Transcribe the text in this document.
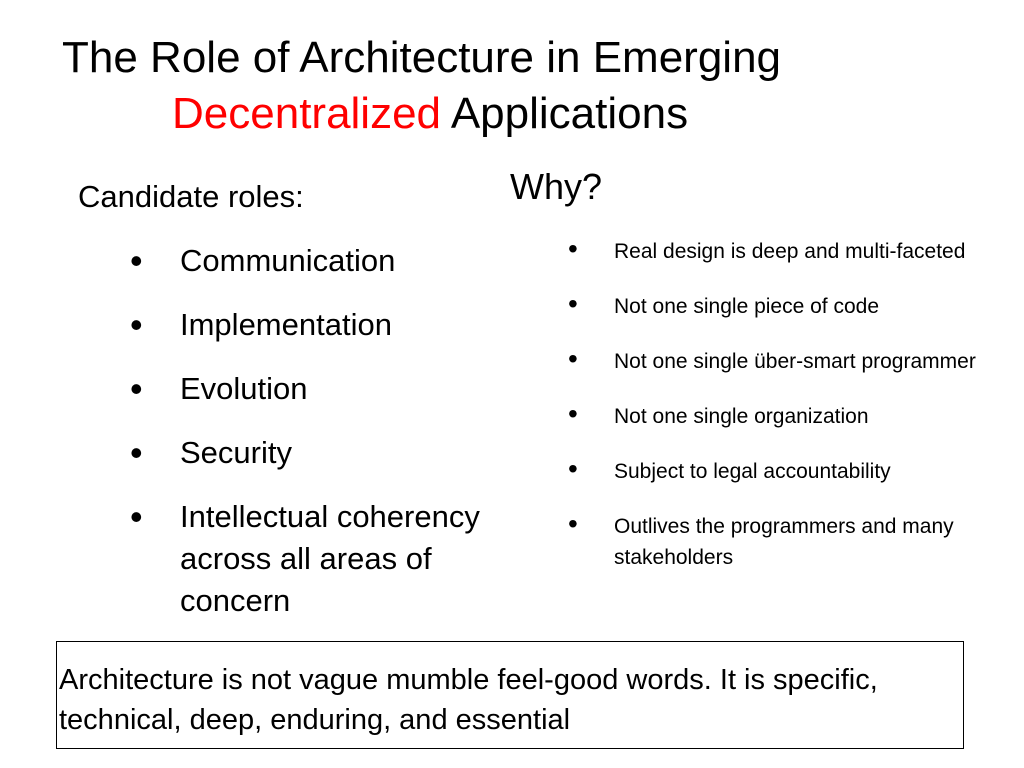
The Role of Architecture in Emerging
Decentralized Applications
Candidate roles:
• Communication
• Implementation
• Evolution
• Security
• Intellectual coherency across all areas of concern
Why?
• Real design is deep and multi-faceted
• Not one single piece of code
• Not one single über-smart programmer
• Not one single organization
• Subject to legal accountability
• Outlives the programmers and many stakeholders
Architecture is not vague mumble feel-good words. It is specific, technical, deep, enduring, and essential
